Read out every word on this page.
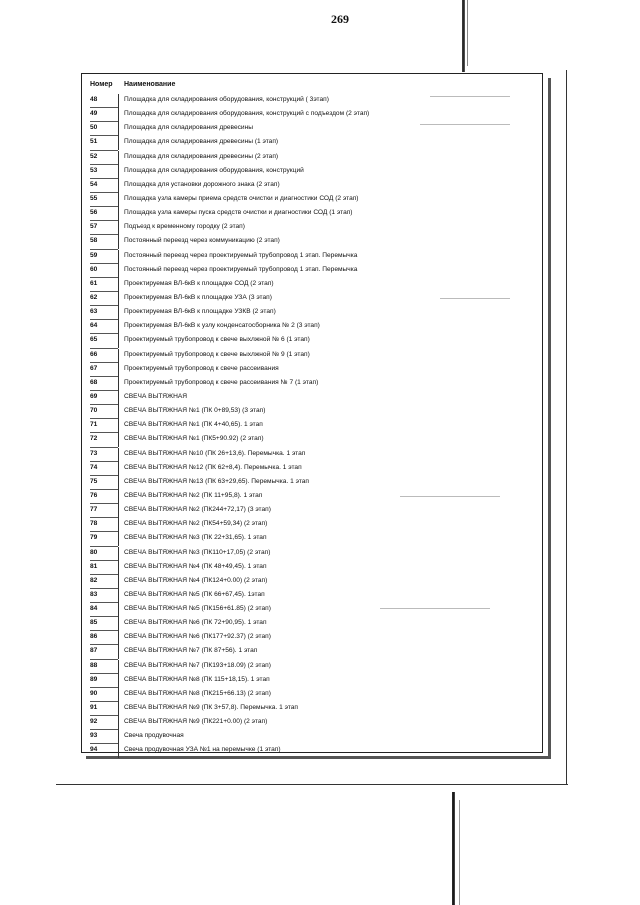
269
Номер Наименование
48	Площадка для складирования оборудования, конструкций ( 3этап)
49	Площадка для складирования оборудования, конструкций с подъездом (2 этап)
50	Площадка для складирования древесины
51	Площадка для складирования древесины (1 этап)
52	Площадка для складирования древесины (2 этап)
53	Площадка для складирования оборудования, конструкций
54	Площадка для установки дорожного знака (2 этап)
55	Площадка узла камеры приема средств очистки и диагностики СОД (2 этап)
56	Площадка узла камеры пуска средств очистки и диагностики СОД (1 этап)
57	Подъезд к временному городку (2 этап)
58	Постоянный переезд через коммуникацию (2 этап)
59	Постоянный переезд через проектируемый трубопровод 1 этап. Перемычка
60	Постоянный переезд через проектируемый трубопровод 1 этап. Перемычка
61	Проектируемая ВЛ-6кВ к площадке СОД (2 этап)
62	Проектируемая ВЛ-6кВ к площадке УЗА (3 этап)
63	Проектируемая ВЛ-6кВ к площадке УЗКВ (2 этап)
64	Проектируемая ВЛ-6кВ к узлу конденсатосборника № 2 (3 этап)
65	Проектируемый трубопровод к свече выхлжной № 6 (1 этап)
66	Проектируемый трубопровод к свече выхлжной № 9 (1 этап)
67	Проектируемый трубопровод к свече рассеивания
68	Проектируемый трубопровод к свече рассеивания № 7 (1 этап)
69	СВЕЧА ВЫТЯЖНАЯ
70	СВЕЧА ВЫТЯЖНАЯ №1 (ПК 0+89,53) (3 этап)
71	СВЕЧА ВЫТЯЖНАЯ №1 (ПК 4+40,65). 1 этап
72	СВЕЧА ВЫТЯЖНАЯ №1 (ПК5+90.92) (2 этап)
73	СВЕЧА ВЫТЯЖНАЯ №10 (ПК 26+13,6). Перемычка. 1 этап
74	СВЕЧА ВЫТЯЖНАЯ №12 (ПК 62+8,4). Перемычка. 1 этап
75	СВЕЧА ВЫТЯЖНАЯ №13 (ПК 63+29,65). Перемычка. 1 этап
76	СВЕЧА ВЫТЯЖНАЯ №2 (ПК 11+95,8). 1 этап
77	СВЕЧА ВЫТЯЖНАЯ №2 (ПК244+72,17) (3 этап)
78	СВЕЧА ВЫТЯЖНАЯ №2 (ПК54+59,34) (2 этап)
79	СВЕЧА ВЫТЯЖНАЯ №3 (ПК 22+31,65). 1 этап
80	СВЕЧА ВЫТЯЖНАЯ №3 (ПК110+17,05) (2 этап)
81	СВЕЧА ВЫТЯЖНАЯ №4 (ПК 48+49,45). 1 этап
82	СВЕЧА ВЫТЯЖНАЯ №4 (ПК124+0.00) (2 этап)
83	СВЕЧА ВЫТЯЖНАЯ №5 (ПК 66+67,45). 1этап
84	СВЕЧА ВЫТЯЖНАЯ №5 (ПК156+61.85) (2 этап)
85	СВЕЧА ВЫТЯЖНАЯ №6 (ПК 72+90,95). 1 этап
86	СВЕЧА ВЫТЯЖНАЯ №6 (ПК177+92.37) (2 этап)
87	СВЕЧА ВЫТЯЖНАЯ №7 (ПК 87+56). 1 этап
88	СВЕЧА ВЫТЯЖНАЯ №7 (ПК193+18.09) (2 этап)
89	СВЕЧА ВЫТЯЖНАЯ №8 (ПК 115+18,15). 1 этап
90	СВЕЧА ВЫТЯЖНАЯ №8 (ПК215+66.13) (2 этап)
91	СВЕЧА ВЫТЯЖНАЯ №9 (ПК 3+57,8). Перемычка. 1 этап
92	СВЕЧА ВЫТЯЖНАЯ №9 (ПК221+0.00) (2 этап)
93	Свеча продувочная
94	Свеча продувочная УЗА №1 на перемычке (1 этап)
